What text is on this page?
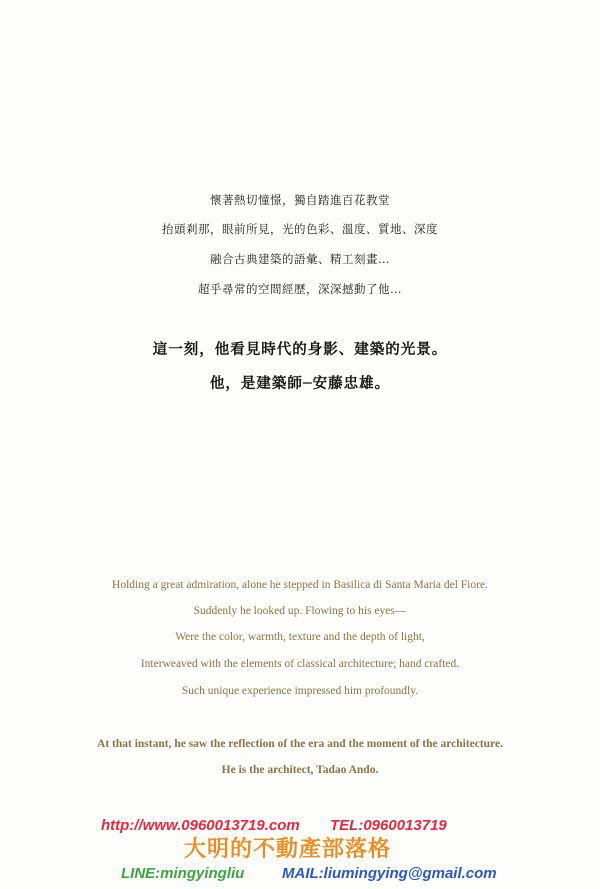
懷著熱切憧憬，獨自踏進百花教堂
抬頭剎那，眼前所見，光的色彩、溫度、質地、深度
融合古典建築的語彙、精工刻畫…
超乎尋常的空間經歷，深深撼動了他…
這一刻，他看見時代的身影、建築的光景。
他，是建築師─安藤忠雄。
Holding a great admiration, alone he stepped in Basilica di Santa Maria del Fiore.
Suddenly he looked up. Flowing to his eyes—
Were the color, warmth, texture and the depth of light,
Interweaved with the elements of classical architecture; hand crafted.
Such unique experience impressed him profoundly.
At that instant, he saw the reflection of the era and the moment of the architecture.
He is the architect, Tadao Ando.
http://www.0960013719.com TEL:0960013719
大明的不動產部落格
LINE:mingyingliu	MAIL:liumingying@gmail.com
